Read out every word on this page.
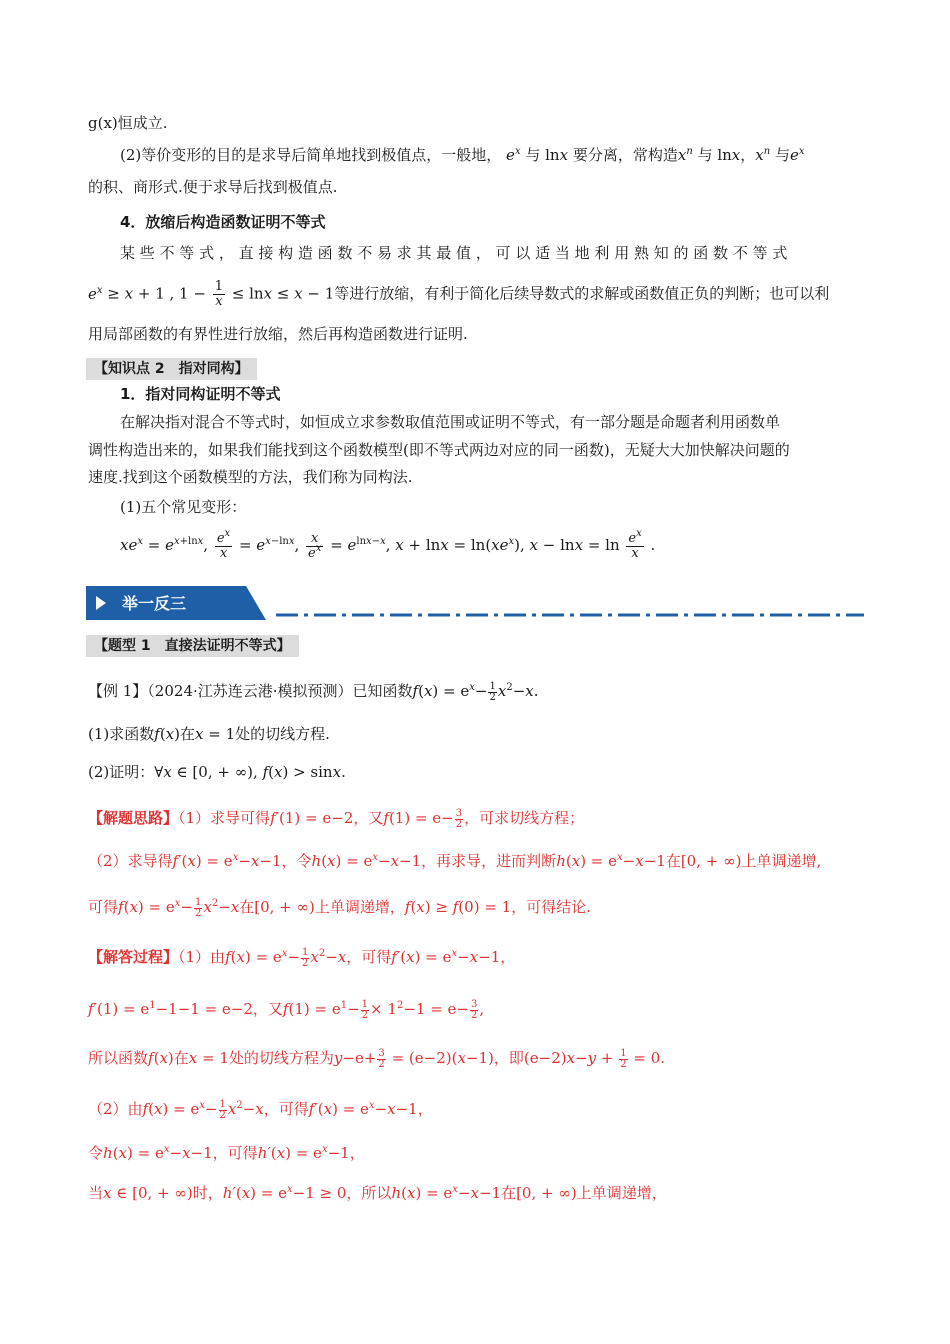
g(x)恒成立.
(2)等价变形的目的是求导后简单地找到极值点，一般地， $e^x$ 与 lnx 要分离，常构造$x^n$ 与 lnx，$x^n$ 与$e^x$
的积、商形式.便于求导后找到极值点.
4．放缩后构造函数证明不等式
某 些 不 等 式 ， 直 接 构 造 函 数 不 易 求 其 最 值 ， 可 以 适 当 地 利 用 熟 知 的 函 数 不 等 式
$e^x \ge x + 1$ , $1 - \frac{1}{x} \le \ln x \le x - 1$等进行放缩，有利于简化后续导数式的求解或函数值正负的判断；也可以利
用局部函数的有界性进行放缩，然后再构造函数进行证明.
【知识点 2　指对同构】
1．指对同构证明不等式
在解决指对混合不等式时，如恒成立求参数取值范围或证明不等式，有一部分题是命题者利用函数单
调性构造出来的，如果我们能找到这个函数模型(即不等式两边对应的同一函数)，无疑大大加快解决问题的
速度.找到这个函数模型的方法，我们称为同构法.
(1)五个常见变形：
$xe^x = e^{x+lnx}$, $\frac{e^x}{x} = e^{x-lnx}$, $\frac{x}{e^x} = e^{lnx-x}$, $x + \ln x = \ln(xe^x)$, $x - \ln x = \ln \frac{e^x}{x}$ .
举一反三
【题型 1　直接法证明不等式】
【例 1】（2024·江苏连云港·模拟预测）已知函数$f(x) = e^x- \frac{1}{2} x^2-x$.
(1)求函数f(x)在x = 1处的切线方程.
(2)证明：∀x ∈ [0, + ∞), f(x) > sinx.
【解题思路】（1）求导可得f′(1) = e−2，又$f(1) = e- \frac{3}{2}$ ，可求切线方程；
（2）求导得$f'(x) = e^x-x-1$，令$h(x) = e^x-x-1$，再求导，进而判断$h(x) = e^x-x-1$在[0, + ∞)上单调递增,
可得$f(x) = e^x- \frac{1}{2} x^2-x$在[0, + ∞)上单调递增，f(x) ≥ f(0) = 1，可得结论.
【解答过程】（1）由$f(x) = e^x- \frac{1}{2} x^2-x$，可得$f'(x) = e^x-x-1$，
$f'(1) = e^1-1-1 = e-2$，又$f(1) = e^1- \frac{1}{2} \times 1^2-1 = e- \frac{3}{2}$ ,
所以函数f(x)在x = 1处的切线方程为$y-e+ \frac{3}{2} = (e-2)(x-1)$，即$(e-2)x-y + \frac{1}{2} = 0$.
（2）由$f(x) = e^x- \frac{1}{2} x^2-x$，可得$f'(x) = e^x-x-1$，
令$h(x) = e^x-x-1$，可得$h'(x) = e^x-1$，
当x ∈ [0, + ∞)时，$h'(x) = e^x-1 \ge 0$，所以$h(x) = e^x-x-1$在[0, + ∞)上单调递增，
